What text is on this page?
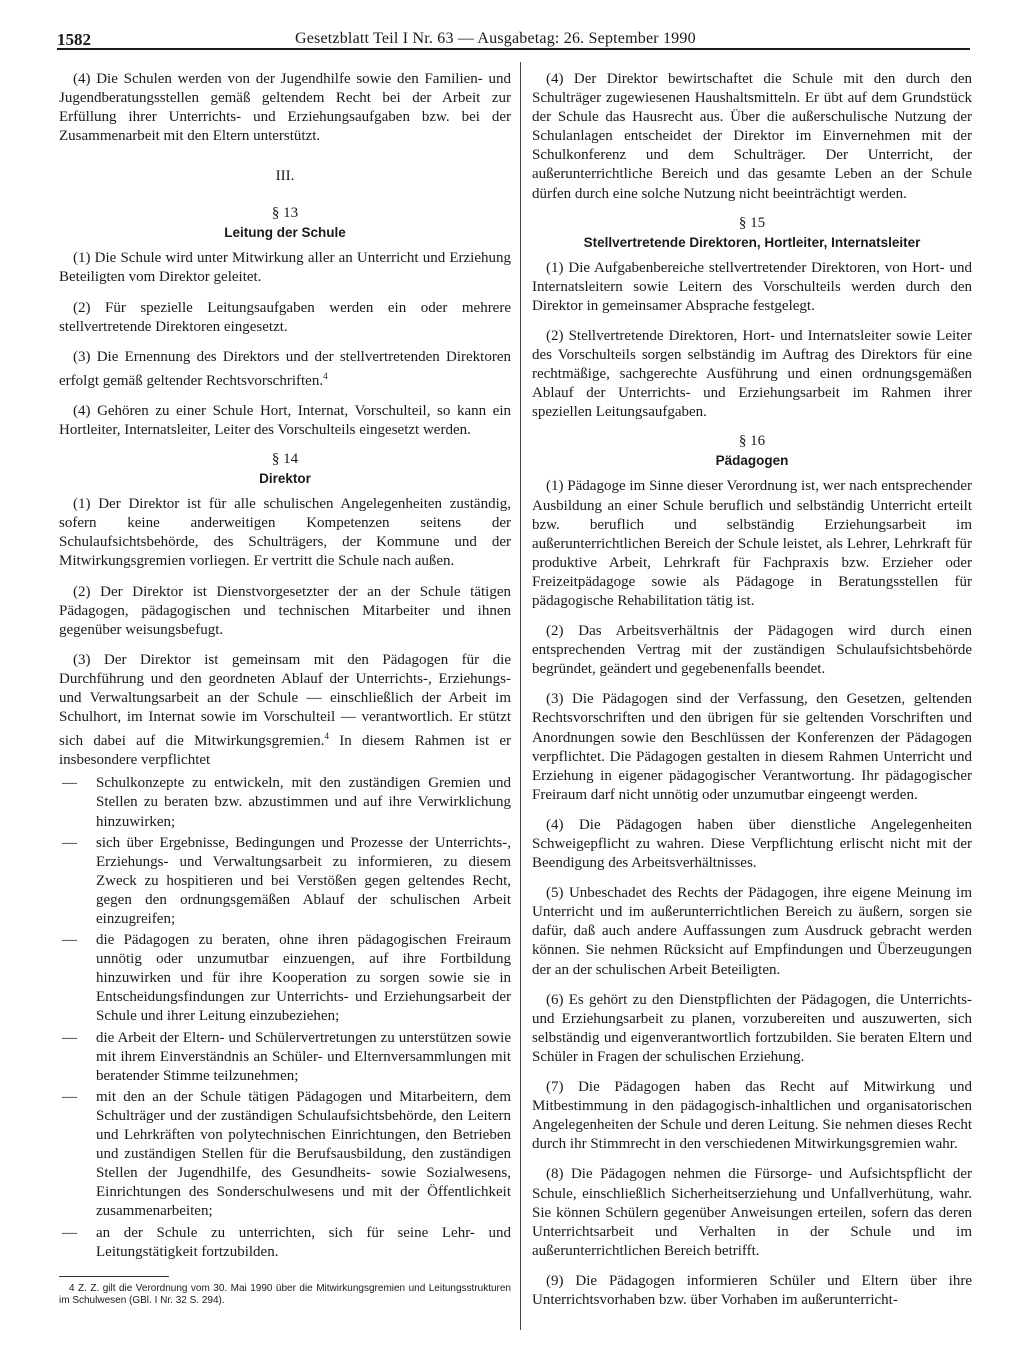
1582	Gesetzblatt Teil I Nr. 63 — Ausgabetag: 26. September 1990

(4) Die Schulen werden von der Jugendhilfe sowie den Familien- und Jugendberatungsstellen gemäß geltendem Recht bei der Arbeit zur Erfüllung ihrer Unterrichts- und Erziehungsaufgaben bzw. bei der Zusammenarbeit mit den Eltern unterstützt.

III.
§ 13
Leitung der Schule

(1) Die Schule wird unter Mitwirkung aller an Unterricht und Erziehung Beteiligten vom Direktor geleitet.

(2) Für spezielle Leitungsaufgaben werden ein oder mehrere stellvertretende Direktoren eingesetzt.

(3) Die Ernennung des Direktors und der stellvertretenden Direktoren erfolgt gemäß geltender Rechtsvorschriften.$^4$

(4) Gehören zu einer Schule Hort, Internat, Vorschulteil, so kann ein Hortleiter, Internatsleiter, Leiter des Vorschulteils eingesetzt werden.

§ 14
Direktor

(1) Der Direktor ist für alle schulischen Angelegenheiten zuständig, sofern keine anderweitigen Kompetenzen seitens der Schulaufsichtsbehörde, des Schulträgers, der Kommune und der Mitwirkungsgremien vorliegen. Er vertritt die Schule nach außen.

(2) Der Direktor ist Dienstvorgesetzter der an der Schule tätigen Pädagogen, pädagogischen und technischen Mitarbeiter und ihnen gegenüber weisungsbefugt.

(3) Der Direktor ist gemeinsam mit den Pädagogen für die Durchführung und den geordneten Ablauf der Unterrichts-, Erziehungs- und Verwaltungsarbeit an der Schule — einschließlich der Arbeit im Schulhort, im Internat sowie im Vorschulteil — verantwortlich. Er stützt sich dabei auf die Mitwirkungsgremien.$^4$ In diesem Rahmen ist er insbesondere verpflichtet

— Schulkonzepte zu entwickeln, mit den zuständigen Gremien und Stellen zu beraten bzw. abzustimmen und auf ihre Verwirklichung hinzuwirken;
— sich über Ergebnisse, Bedingungen und Prozesse der Unterrichts-, Erziehungs- und Verwaltungsarbeit zu informieren, zu diesem Zweck zu hospitieren und bei Verstößen gegen geltendes Recht, gegen den ordnungsgemäßen Ablauf der schulischen Arbeit einzugreifen;
— die Pädagogen zu beraten, ohne ihren pädagogischen Freiraum unnötig oder unzumutbar einzuengen, auf ihre Fortbildung hinzuwirken und für ihre Kooperation zu sorgen sowie sie in Entscheidungsfindungen zur Unterrichts- und Erziehungsarbeit der Schule und ihrer Leitung einzubeziehen;
— die Arbeit der Eltern- und Schülervertretungen zu unterstützen sowie mit ihrem Einverständnis an Schüler- und Elternversammlungen mit beratender Stimme teilzunehmen;
— mit den an der Schule tätigen Pädagogen und Mitarbeitern, dem Schulträger und der zuständigen Schulaufsichtsbehörde, den Leitern und Lehrkräften von polytechnischen Einrichtungen, den Betrieben und zuständigen Stellen für die Berufsausbildung, den zuständigen Stellen der Jugendhilfe, des Gesundheits- sowie Sozialwesens, Einrichtungen des Sonderschulwesens und mit der Öffentlichkeit zusammenarbeiten;
— an der Schule zu unterrichten, sich für seine Lehr- und Leitungstätigkeit fortzubilden.

4 Z. Z. gilt die Verordnung vom 30. Mai 1990 über die Mitwirkungsgremien und Leitungsstrukturen im Schulwesen (GBl. I Nr. 32 S. 294).

(4) Der Direktor bewirtschaftet die Schule mit den durch den Schulträger zugewiesenen Haushaltsmitteln. Er übt auf dem Grundstück der Schule das Hausrecht aus. Über die außerschulische Nutzung der Schulanlagen entscheidet der Direktor im Einvernehmen mit der Schulkonferenz und dem Schulträger. Der Unterricht, der außerunterrichtliche Bereich und das gesamte Leben an der Schule dürfen durch eine solche Nutzung nicht beeinträchtigt werden.

§ 15
Stellvertretende Direktoren, Hortleiter, Internatsleiter

(1) Die Aufgabenbereiche stellvertretender Direktoren, von Hort- und Internatsleitern sowie Leitern des Vorschulteils werden durch den Direktor in gemeinsamer Absprache festgelegt.

(2) Stellvertretende Direktoren, Hort- und Internatsleiter sowie Leiter des Vorschulteils sorgen selbständig im Auftrag des Direktors für eine rechtmäßige, sachgerechte Ausführung und einen ordnungsgemäßen Ablauf der Unterrichts- und Erziehungsarbeit im Rahmen ihrer speziellen Leitungsaufgaben.

§ 16
Pädagogen

(1) Pädagoge im Sinne dieser Verordnung ist, wer nach entsprechender Ausbildung an einer Schule beruflich und selbständig Unterricht erteilt bzw. beruflich und selbständig Erziehungsarbeit im außerunterrichtlichen Bereich der Schule leistet, als Lehrer, Lehrkraft für produktive Arbeit, Lehrkraft für Fachpraxis bzw. Erzieher oder Freizeitpädagoge sowie als Pädagoge in Beratungsstellen für pädagogische Rehabilitation tätig ist.

(2) Das Arbeitsverhältnis der Pädagogen wird durch einen entsprechenden Vertrag mit der zuständigen Schulaufsichtsbehörde begründet, geändert und gegebenenfalls beendet.

(3) Die Pädagogen sind der Verfassung, den Gesetzen, geltenden Rechtsvorschriften und den übrigen für sie geltenden Vorschriften und Anordnungen sowie den Beschlüssen der Konferenzen der Pädagogen verpflichtet. Die Pädagogen gestalten in diesem Rahmen Unterricht und Erziehung in eigener pädagogischer Verantwortung. Ihr pädagogischer Freiraum darf nicht unnötig oder unzumutbar eingeengt werden.

(4) Die Pädagogen haben über dienstliche Angelegenheiten Schweigepflicht zu wahren. Diese Verpflichtung erlischt nicht mit der Beendigung des Arbeitsverhältnisses.

(5) Unbeschadet des Rechts der Pädagogen, ihre eigene Meinung im Unterricht und im außerunterrichtlichen Bereich zu äußern, sorgen sie dafür, daß auch andere Auffassungen zum Ausdruck gebracht werden können. Sie nehmen Rücksicht auf Empfindungen und Überzeugungen der an der schulischen Arbeit Beteiligten.

(6) Es gehört zu den Dienstpflichten der Pädagogen, die Unterrichts- und Erziehungsarbeit zu planen, vorzubereiten und auszuwerten, sich selbständig und eigenverantwortlich fortzubilden. Sie beraten Eltern und Schüler in Fragen der schulischen Erziehung.

(7) Die Pädagogen haben das Recht auf Mitwirkung und Mitbestimmung in den pädagogisch-inhaltlichen und organisatorischen Angelegenheiten der Schule und deren Leitung. Sie nehmen dieses Recht durch ihr Stimmrecht in den verschiedenen Mitwirkungsgremien wahr.

(8) Die Pädagogen nehmen die Fürsorge- und Aufsichtspflicht der Schule, einschließlich Sicherheitserziehung und Unfallverhütung, wahr. Sie können Schülern gegenüber Anweisungen erteilen, sofern das deren Unterrichtsarbeit und Verhalten in der Schule und im außerunterrichtlichen Bereich betrifft.

(9) Die Pädagogen informieren Schüler und Eltern über ihre Unterrichtsvorhaben bzw. über Vorhaben im außerunterricht-
